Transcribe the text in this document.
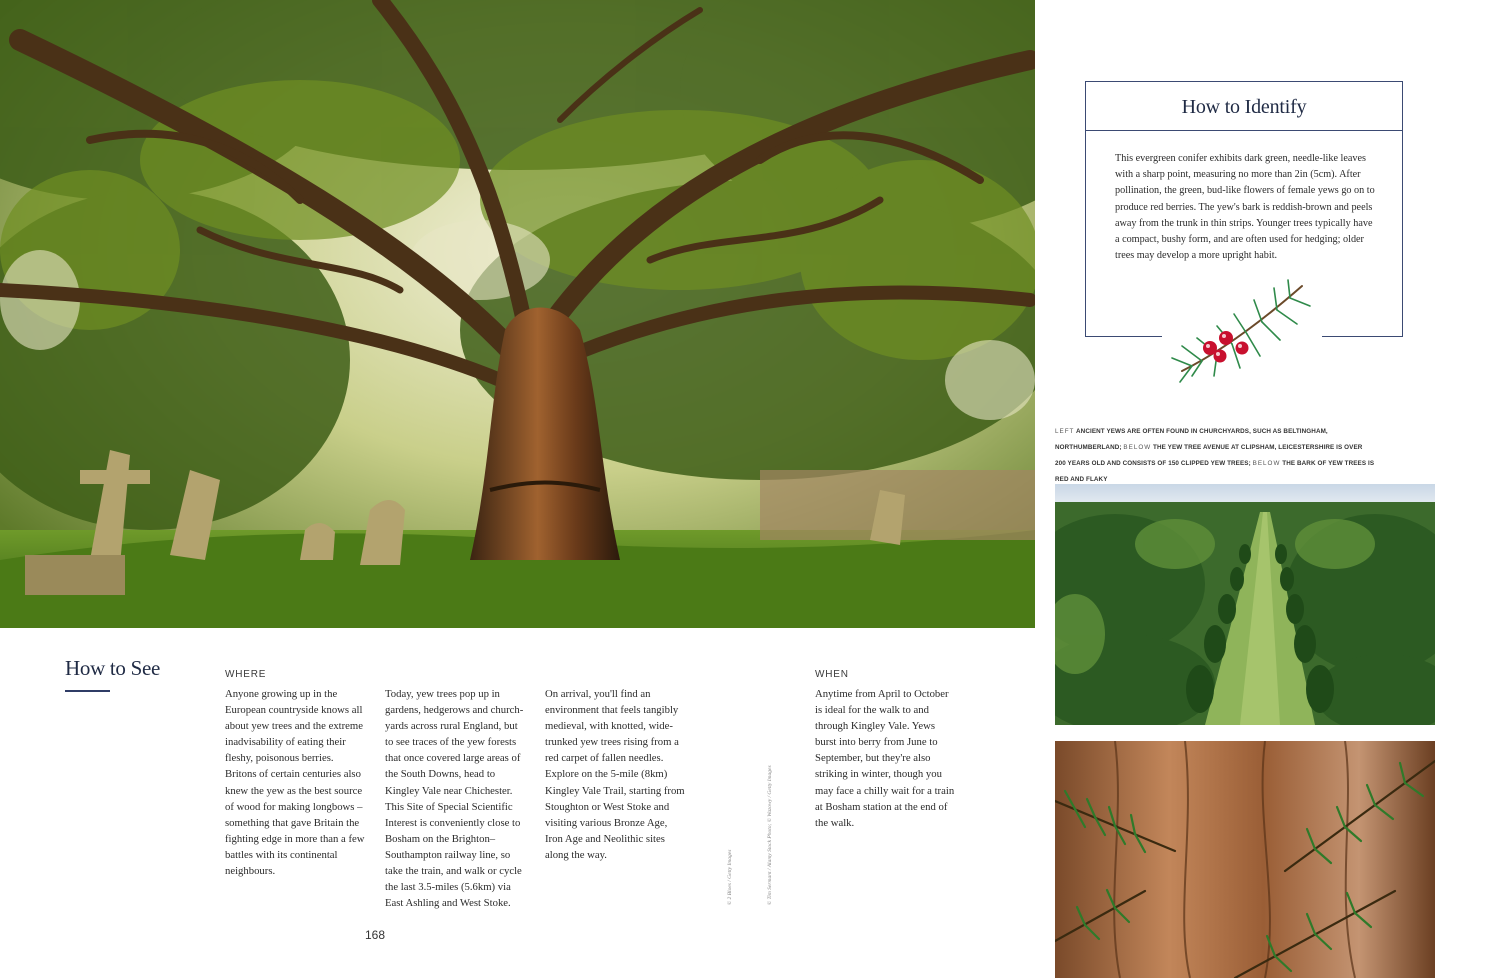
How to See	WHERE

Anyone growing up in the European countryside knows all about yew trees and the extreme inadvisability of eating their fleshy, poisonous berries. Britons of certain centuries also knew the yew as the best source of wood for making longbows – something that gave Britain the fighting edge in more than a few battles with its continental neighbours.

Today, yew trees pop up in gardens, hedgerows and church-yards across rural England, but to see traces of the yew forests that once covered large areas of the South Downs, head to Kingley Vale near Chichester. This Site of Special Scientific Interest is conveniently close to Bosham on the Brighton–Southampton railway line, so take the train, and walk or cycle the last 3.5-miles (5.6km) via East Ashling and West Stoke.

On arrival, you'll find an environment that feels tangibly medieval, with knotted, wide-trunked yew trees rising from a red carpet of fallen needles. Explore on the 5-mile (8km) Kingley Vale Trail, starting from Stoughton or West Stoke and visiting various Bronze Age, Iron Age and Neolithic sites along the way.	© 2 Bloes / Getty Images	© Tim Sermant / Alamy Stock Photo; © Wazowy / Getty Images
WHEN

Anytime from April to October is ideal for the walk to and through Kingley Vale. Yews burst into berry from June to September, but they're also striking in winter, though you may face a chilly wait for a train at Bosham station at the end of the walk.

168
How to Identify

This evergreen conifer exhibits dark green, needle-like leaves with a sharp point, measuring no more than 2in (5cm). After pollination, the green, bud-like flowers of female yews go on to produce red berries. The yew's bark is reddish-brown and peels away from the trunk in thin strips. Younger trees typically have a compact, bushy form, and are often used for hedging; older trees may develop a more upright habit.

LEFT ANCIENT YEWS ARE OFTEN FOUND IN CHURCHYARDS, SUCH AS BELTINGHAM, NORTHUMBERLAND; BELOW THE YEW TREE AVENUE AT CLIPSHAM, LEICESTERSHIRE IS OVER 200 YEARS OLD AND CONSISTS OF 150 CLIPPED YEW TREES; BELOW THE BARK OF YEW TREES IS RED AND FLAKY
